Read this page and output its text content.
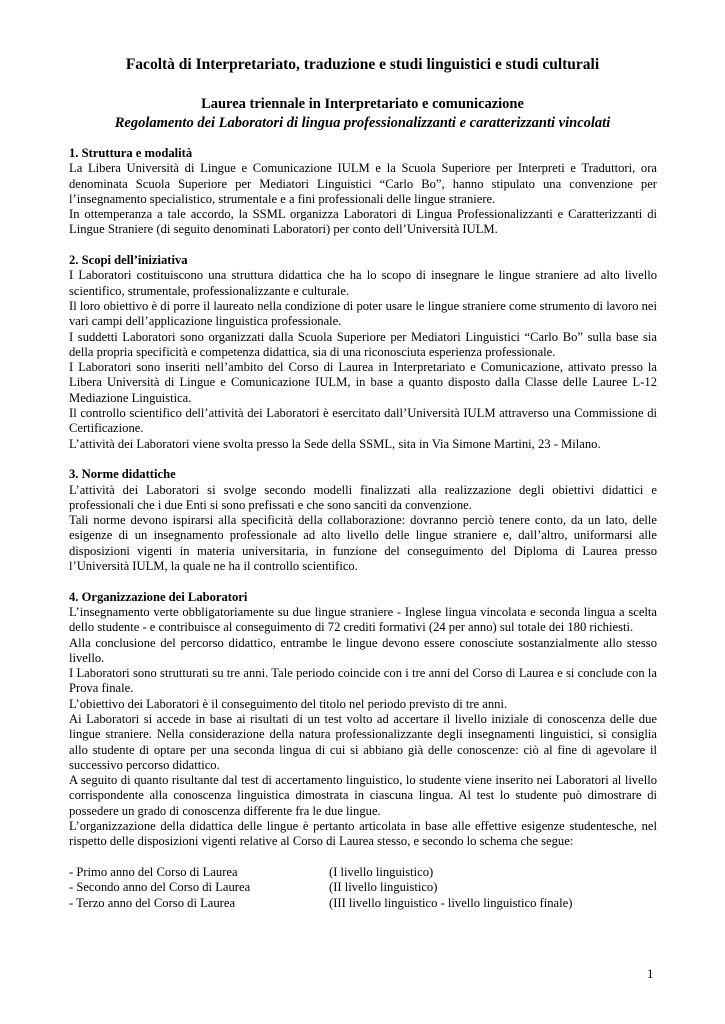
Facoltà di Interpretariato, traduzione e studi linguistici e studi culturali
Laurea triennale in Interpretariato e comunicazione
Regolamento dei Laboratori di lingua professionalizzanti e caratterizzanti vincolati
1. Struttura e modalità

La Libera Università di Lingue e Comunicazione IULM e la Scuola Superiore per Interpreti e Traduttori, ora denominata Scuola Superiore per Mediatori Linguistici “Carlo Bo”, hanno stipulato una convenzione per l’insegnamento specialistico, strumentale e a fini professionali delle lingue straniere.

In ottemperanza a tale accordo, la SSML organizza Laboratori di Lingua Professionalizzanti e Caratterizzanti di Lingue Straniere (di seguito denominati Laboratori) per conto dell’Università IULM.

2. Scopi dell’iniziativa

I Laboratori costituiscono una struttura didattica che ha lo scopo di insegnare le lingue straniere ad alto livello scientifico, strumentale, professionalizzante e culturale.

Il loro obiettivo è di porre il laureato nella condizione di poter usare le lingue straniere come strumento di lavoro nei vari campi dell’applicazione linguistica professionale.

I suddetti Laboratori sono organizzati dalla Scuola Superiore per Mediatori Linguistici “Carlo Bo” sulla base sia della propria specificità e competenza didattica, sia di una riconosciuta esperienza professionale.

I Laboratori sono inseriti nell’ambito del Corso di Laurea in Interpretariato e Comunicazione, attivato presso la Libera Università di Lingue e Comunicazione IULM, in base a quanto disposto dalla Classe delle Lauree L-12 Mediazione Linguistica.

Il controllo scientifico dell’attività dei Laboratori è esercitato dall’Università IULM attraverso una Commissione di Certificazione.

L’attività dei Laboratori viene svolta presso la Sede della SSML, sita in Via Simone Martini, 23 - Milano.

3. Norme didattiche

L’attività dei Laboratori si svolge secondo modelli finalizzati alla realizzazione degli obiettivi didattici e professionali che i due Enti si sono prefissati e che sono sanciti da convenzione.

Tali norme devono ispirarsi alla specificità della collaborazione: dovranno perciò tenere conto, da un lato, delle esigenze di un insegnamento professionale ad alto livello delle lingue straniere e, dall’altro, uniformarsi alle disposizioni vigenti in materia universitaria, in funzione del conseguimento del Diploma di Laurea presso l’Università IULM, la quale ne ha il controllo scientifico.

4. Organizzazione dei Laboratori

L’insegnamento verte obbligatoriamente su due lingue straniere - Inglese lingua vincolata e seconda lingua a scelta dello studente - e contribuisce al conseguimento di 72 crediti formativi (24 per anno) sul totale dei 180 richiesti.

Alla conclusione del percorso didattico, entrambe le lingue devono essere conosciute sostanzialmente allo stesso livello.

I Laboratori sono strutturati su tre anni. Tale periodo coincide con i tre anni del Corso di Laurea e si conclude con la Prova finale.

L’obiettivo dei Laboratori è il conseguimento del titolo nel periodo previsto di tre anni.

Ai Laboratori si accede in base ai risultati di un test volto ad accertare il livello iniziale di conoscenza delle due lingue straniere. Nella considerazione della natura professionalizzante degli insegnamenti linguistici, si consiglia allo studente di optare per una seconda lingua di cui si abbiano già delle conoscenze: ciò al fine di agevolare il successivo percorso didattico.

A seguito di quanto risultante dal test di accertamento linguistico, lo studente viene inserito nei Laboratori al livello corrispondente alla conoscenza linguistica dimostrata in ciascuna lingua. Al test lo studente può dimostrare di possedere un grado di conoscenza differente fra le due lingue.

L’organizzazione della didattica delle lingue è pertanto articolata in base alle effettive esigenze studentesche, nel rispetto delle disposizioni vigenti relative al Corso di Laurea stesso, e secondo lo schema che segue:

- Primo anno del Corso di Laurea	(I livello linguistico)
- Secondo anno del Corso di Laurea	(II livello linguistico)
- Terzo anno del Corso di Laurea	(III livello linguistico - livello linguistico finale)
1
